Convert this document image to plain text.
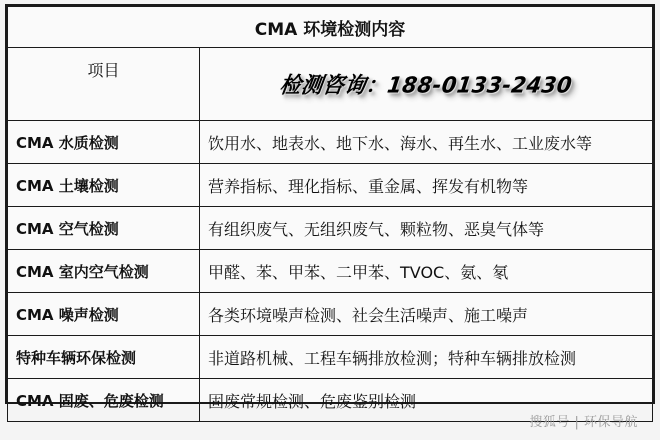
CMA 环境检测内容	
项目	检测咨询：188-0133-2430
CMA 水质检测	饮用水、地表水、地下水、海水、再生水、工业废水等
CMA 土壤检测	营养指标、理化指标、重金属、挥发有机物等
CMA 空气检测	有组织废气、无组织废气、颗粒物、恶臭气体等
CMA 室内空气检测	甲醛、苯、甲苯、二甲苯、TVOC、氨、氡
CMA 噪声检测	各类环境噪声检测、社会生活噪声、施工噪声
特种车辆环保检测	非道路机械、工程车辆排放检测；特种车辆排放检测
CMA 固废、危废检测	固废常规检测、危废鉴别检测
搜狐号 | 环保导航
